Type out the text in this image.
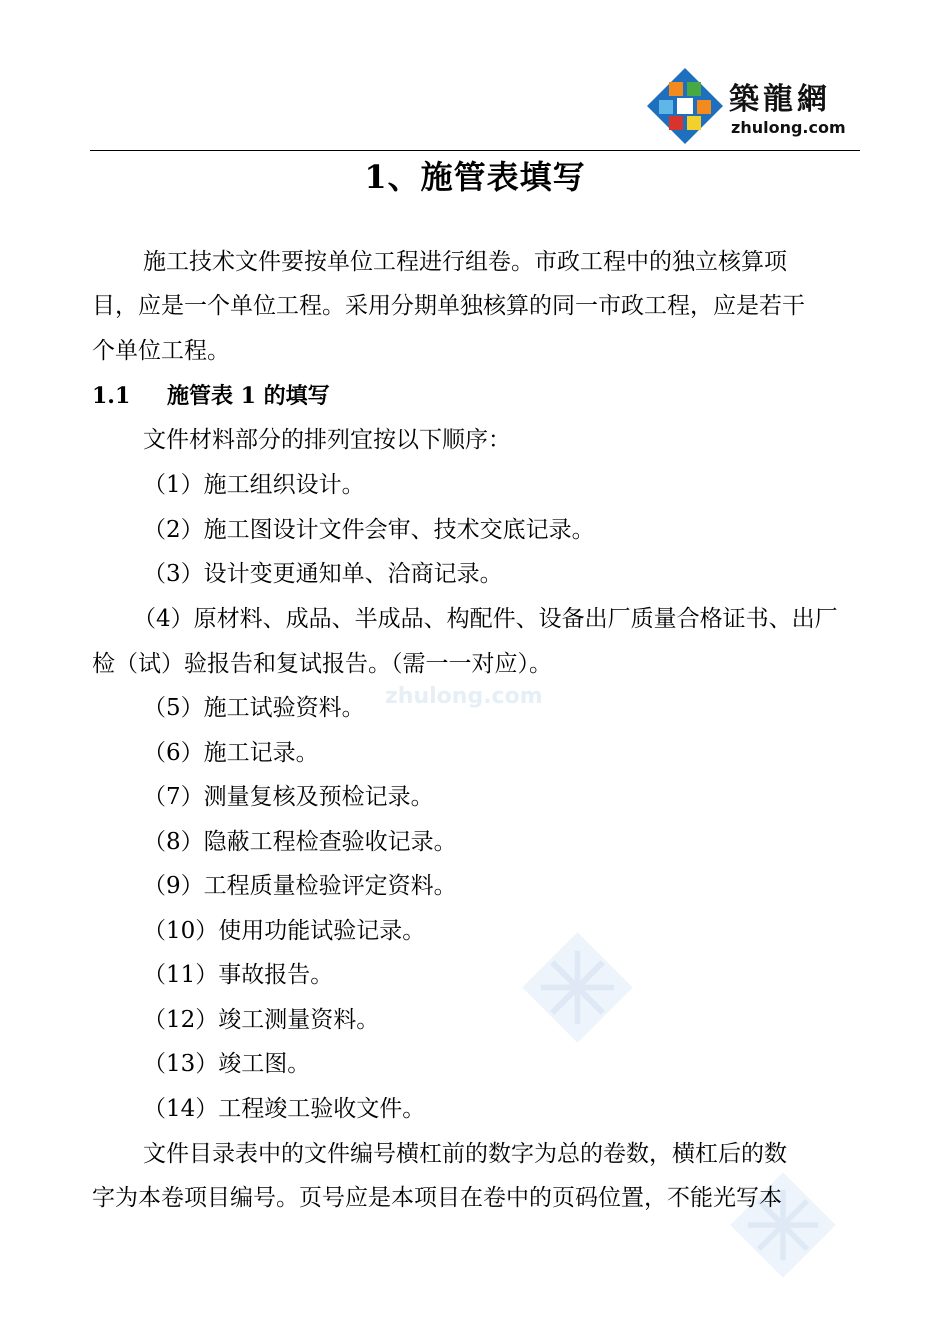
築龍網
zhulong.com
1、施管表填写
zhulong.com
施工技术文件要按单位工程进行组卷。市政工程中的独立核算项
目，应是一个单位工程。采用分期单独核算的同一市政工程，应是若干
个单位工程。
1.1 施管表 1 的填写
文件材料部分的排列宜按以下顺序：
（1）施工组织设计。
（2）施工图设计文件会审、技术交底记录。
（3）设计变更通知单、洽商记录。
（4）原材料、成品、半成品、构配件、设备出厂质量合格证书、出厂
检（试）验报告和复试报告。（需一一对应）。
（5）施工试验资料。
（6）施工记录。
（7）测量复核及预检记录。
（8）隐蔽工程检查验收记录。
（9）工程质量检验评定资料。
（10）使用功能试验记录。
（11）事故报告。
（12）竣工测量资料。
（13）竣工图。
（14）工程竣工验收文件。
文件目录表中的文件编号横杠前的数字为总的卷数，横杠后的数
字为本卷项目编号。页号应是本项目在卷中的页码位置，不能光写本
